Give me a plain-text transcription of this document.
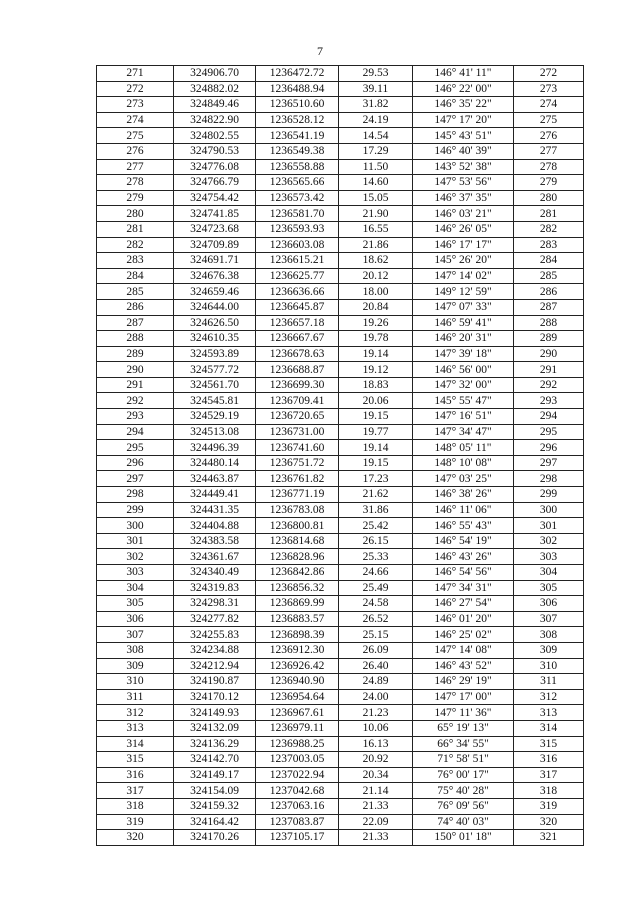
7
271	324906.70	1236472.72	29.53	146° 41' 11"	272
272	324882.02	1236488.94	39.11	146° 22' 00"	273
273	324849.46	1236510.60	31.82	146° 35' 22"	274
274	324822.90	1236528.12	24.19	147° 17' 20"	275
275	324802.55	1236541.19	14.54	145° 43' 51"	276
276	324790.53	1236549.38	17.29	146° 40' 39"	277
277	324776.08	1236558.88	11.50	143° 52' 38"	278
278	324766.79	1236565.66	14.60	147° 53' 56"	279
279	324754.42	1236573.42	15.05	146° 37' 35"	280
280	324741.85	1236581.70	21.90	146° 03' 21"	281
281	324723.68	1236593.93	16.55	146° 26' 05"	282
282	324709.89	1236603.08	21.86	146° 17' 17"	283
283	324691.71	1236615.21	18.62	145° 26' 20"	284
284	324676.38	1236625.77	20.12	147° 14' 02"	285
285	324659.46	1236636.66	18.00	149° 12' 59"	286
286	324644.00	1236645.87	20.84	147° 07' 33"	287
287	324626.50	1236657.18	19.26	146° 59' 41"	288
288	324610.35	1236667.67	19.78	146° 20' 31"	289
289	324593.89	1236678.63	19.14	147° 39' 18"	290
290	324577.72	1236688.87	19.12	146° 56' 00"	291
291	324561.70	1236699.30	18.83	147° 32' 00"	292
292	324545.81	1236709.41	20.06	145° 55' 47"	293
293	324529.19	1236720.65	19.15	147° 16' 51"	294
294	324513.08	1236731.00	19.77	147° 34' 47"	295
295	324496.39	1236741.60	19.14	148° 05' 11"	296
296	324480.14	1236751.72	19.15	148° 10' 08"	297
297	324463.87	1236761.82	17.23	147° 03' 25"	298
298	324449.41	1236771.19	21.62	146° 38' 26"	299
299	324431.35	1236783.08	31.86	146° 11' 06"	300
300	324404.88	1236800.81	25.42	146° 55' 43"	301
301	324383.58	1236814.68	26.15	146° 54' 19"	302
302	324361.67	1236828.96	25.33	146° 43' 26"	303
303	324340.49	1236842.86	24.66	146° 54' 56"	304
304	324319.83	1236856.32	25.49	147° 34' 31"	305
305	324298.31	1236869.99	24.58	146° 27' 54"	306
306	324277.82	1236883.57	26.52	146° 01' 20"	307
307	324255.83	1236898.39	25.15	146° 25' 02"	308
308	324234.88	1236912.30	26.09	147° 14' 08"	309
309	324212.94	1236926.42	26.40	146° 43' 52"	310
310	324190.87	1236940.90	24.89	146° 29' 19"	311
311	324170.12	1236954.64	24.00	147° 17' 00"	312
312	324149.93	1236967.61	21.23	147° 11' 36"	313
313	324132.09	1236979.11	10.06	65° 19' 13"	314
314	324136.29	1236988.25	16.13	66° 34' 55"	315
315	324142.70	1237003.05	20.92	71° 58' 51"	316
316	324149.17	1237022.94	20.34	76° 00' 17"	317
317	324154.09	1237042.68	21.14	75° 40' 28"	318
318	324159.32	1237063.16	21.33	76° 09' 56"	319
319	324164.42	1237083.87	22.09	74° 40' 03"	320
320	324170.26	1237105.17	21.33	150° 01' 18"	321
